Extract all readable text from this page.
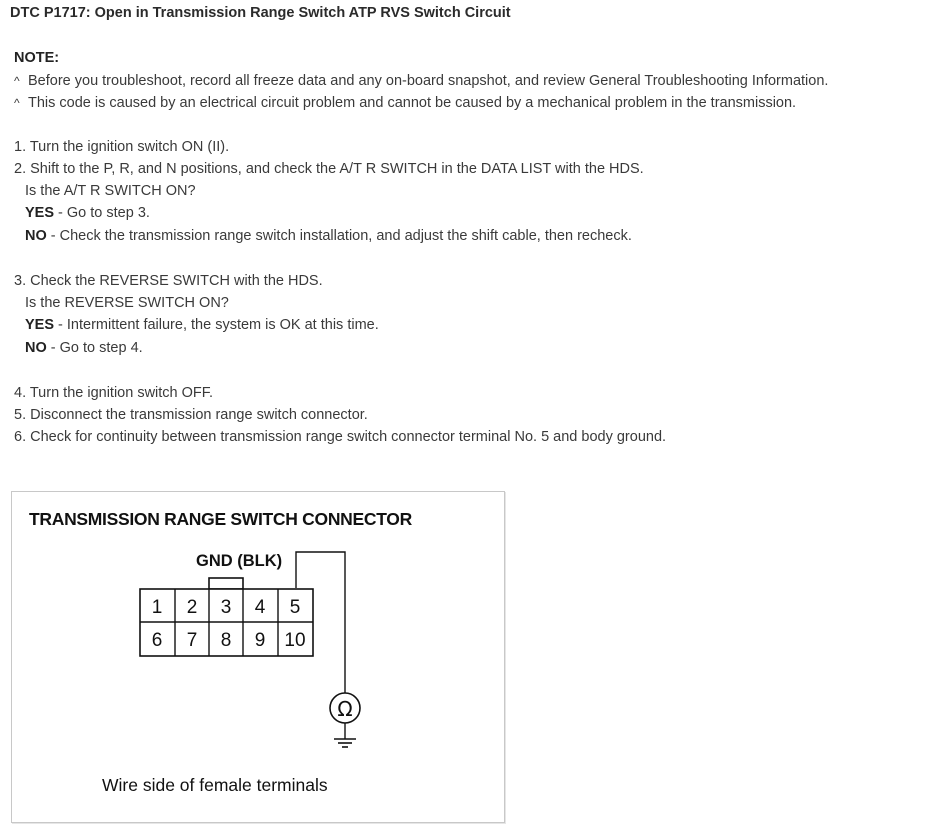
DTC P1717: Open in Transmission Range Switch ATP RVS Switch Circuit
NOTE:
^ Before you troubleshoot, record all freeze data and any on-board snapshot, and review General Troubleshooting Information.
^ This code is caused by an electrical circuit problem and cannot be caused by a mechanical problem in the transmission.
1. Turn the ignition switch ON (II).
2. Shift to the P, R, and N positions, and check the A/T R SWITCH in the DATA LIST with the HDS.
Is the A/T R SWITCH ON?
YES - Go to step 3.
NO - Check the transmission range switch installation, and adjust the shift cable, then recheck.
3. Check the REVERSE SWITCH with the HDS.
Is the REVERSE SWITCH ON?
YES - Intermittent failure, the system is OK at this time.
NO - Go to step 4.
4. Turn the ignition switch OFF.
5. Disconnect the transmission range switch connector.
6. Check for continuity between transmission range switch connector terminal No. 5 and body ground.
TRANSMISSION RANGE SWITCH CONNECTOR
GND (BLK)
1 2 3 4 5
6 7 8 9 10
Ω
Wire side of female terminals
